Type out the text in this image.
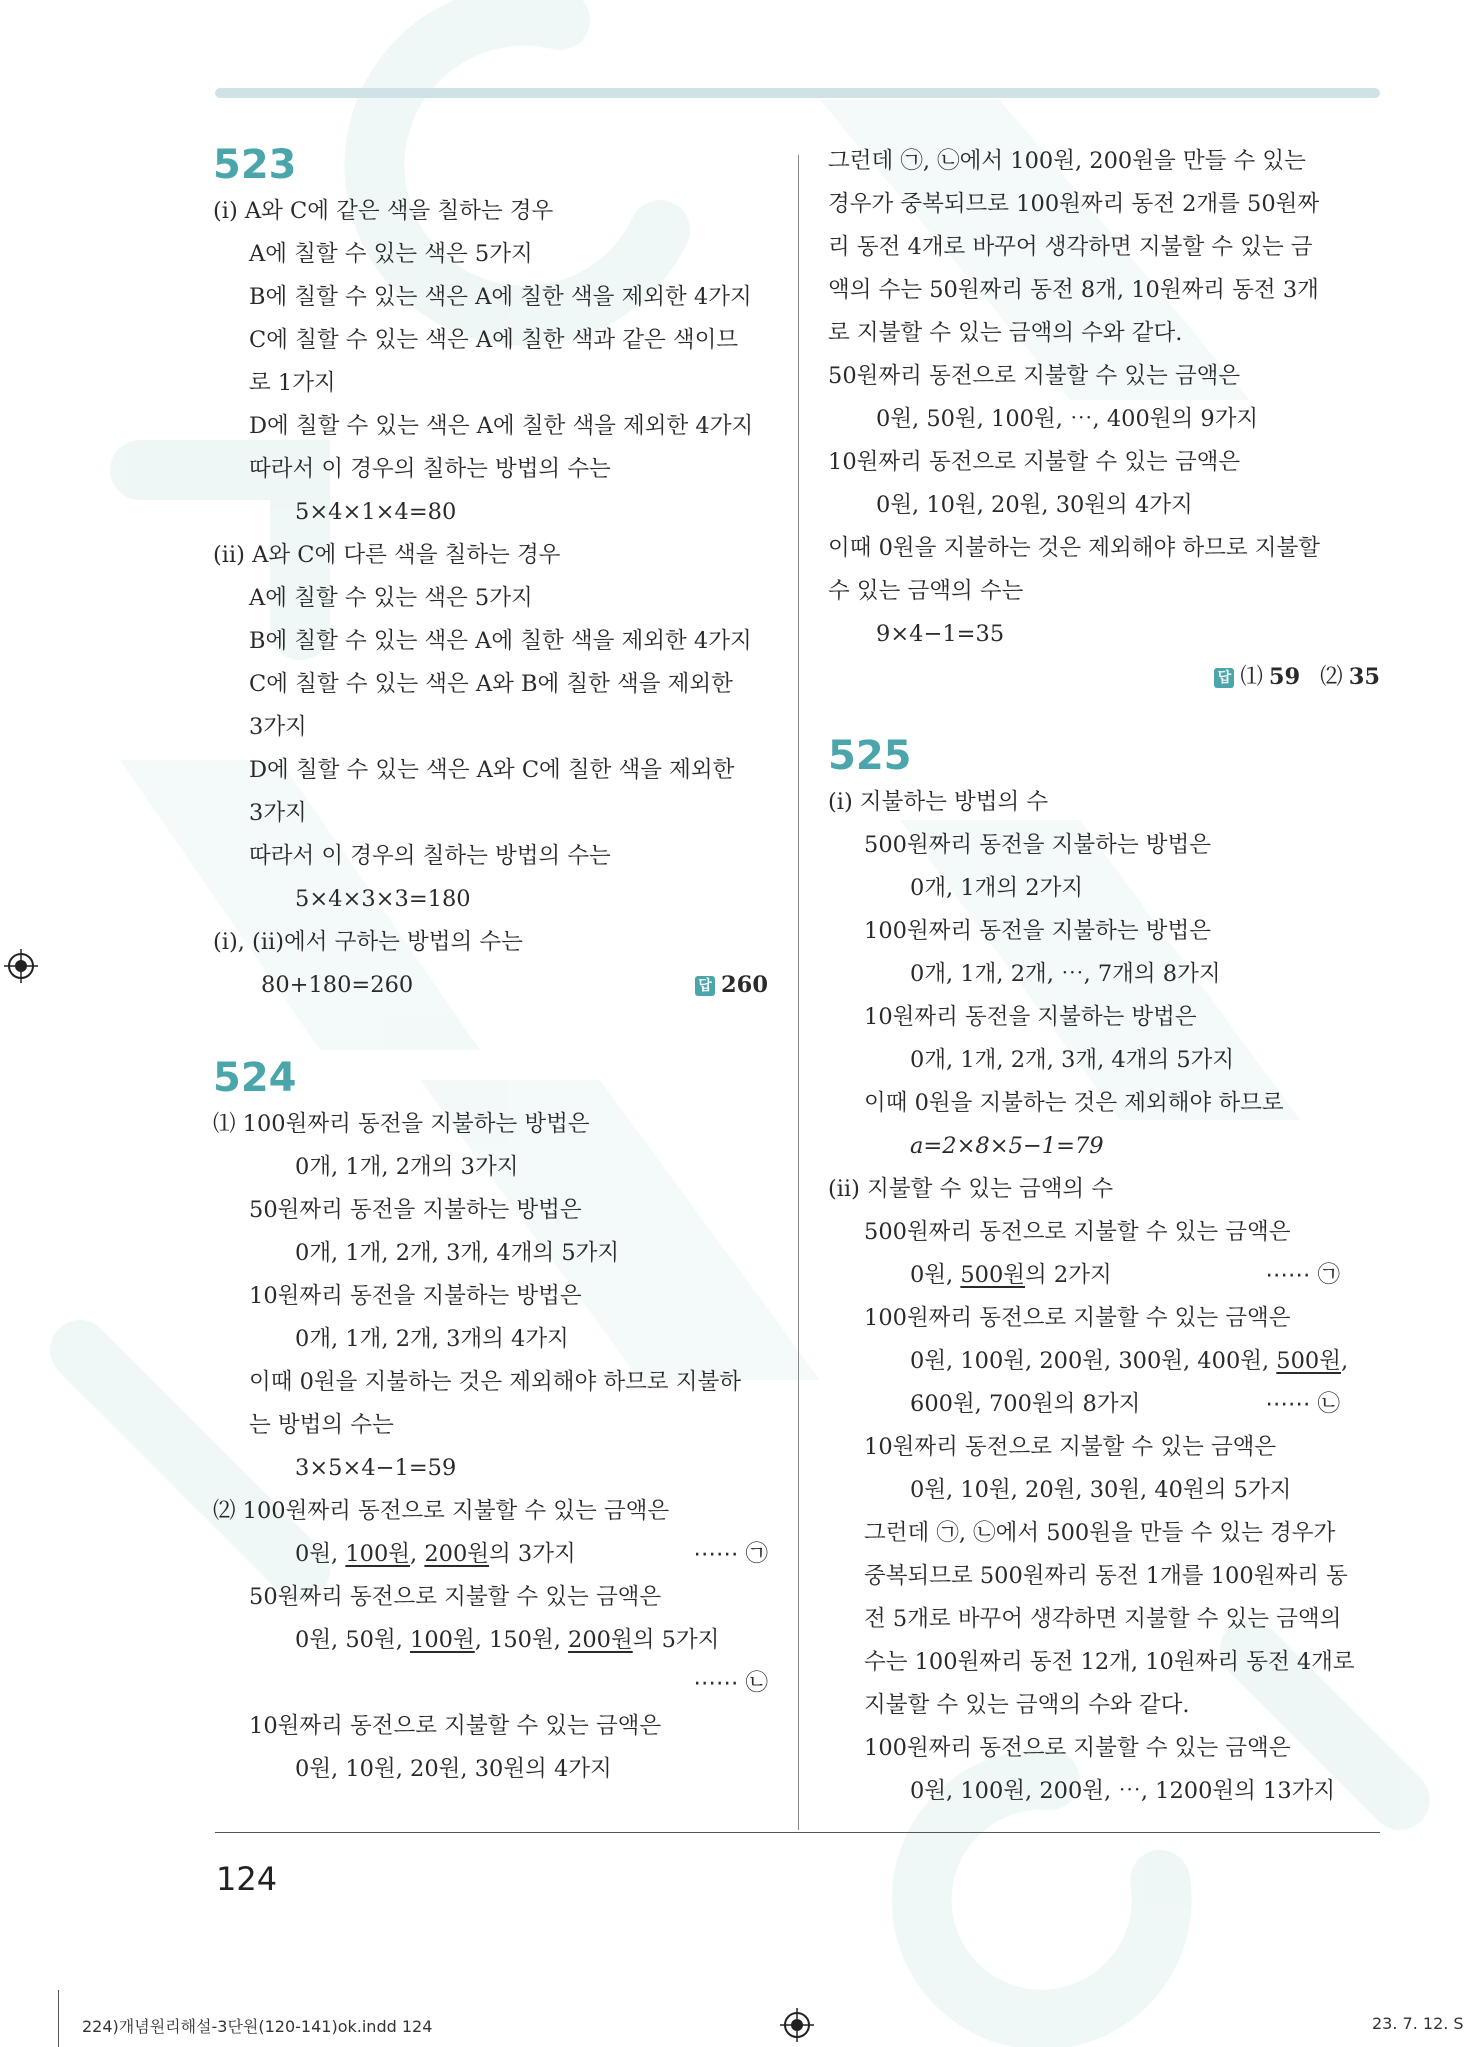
523
(ⅰ) A와 C에 같은 색을 칠하는 경우
A에 칠할 수 있는 색은 5가지
B에 칠할 수 있는 색은 A에 칠한 색을 제외한 4가지
C에 칠할 수 있는 색은 A에 칠한 색과 같은 색이므
로 1가지
D에 칠할 수 있는 색은 A에 칠한 색을 제외한 4가지
따라서 이 경우의 칠하는 방법의 수는
5×4×1×4=80
(ⅱ) A와 C에 다른 색을 칠하는 경우
A에 칠할 수 있는 색은 5가지
B에 칠할 수 있는 색은 A에 칠한 색을 제외한 4가지
C에 칠할 수 있는 색은 A와 B에 칠한 색을 제외한
3가지
D에 칠할 수 있는 색은 A와 C에 칠한 색을 제외한
3가지
따라서 이 경우의 칠하는 방법의 수는
5×4×3×3=180
(ⅰ), (ⅱ)에서 구하는 방법의 수는
80+180=260	답 260
524
⑴ 100원짜리 동전을 지불하는 방법은
0개, 1개, 2개의 3가지
50원짜리 동전을 지불하는 방법은
0개, 1개, 2개, 3개, 4개의 5가지
10원짜리 동전을 지불하는 방법은
0개, 1개, 2개, 3개의 4가지
이때 0원을 지불하는 것은 제외해야 하므로 지불하
는 방법의 수는
3×5×4−1=59
⑵ 100원짜리 동전으로 지불할 수 있는 금액은
0원, 100원, 200원의 3가지	⋯⋯ ㉠
50원짜리 동전으로 지불할 수 있는 금액은
0원, 50원, 100원, 150원, 200원의 5가지
⋯⋯ ㉡
10원짜리 동전으로 지불할 수 있는 금액은
0원, 10원, 20원, 30원의 4가지
그런데 ㉠, ㉡에서 100원, 200원을 만들 수 있는
경우가 중복되므로 100원짜리 동전 2개를 50원짜
리 동전 4개로 바꾸어 생각하면 지불할 수 있는 금
액의 수는 50원짜리 동전 8개, 10원짜리 동전 3개
로 지불할 수 있는 금액의 수와 같다.
50원짜리 동전으로 지불할 수 있는 금액은
0원, 50원, 100원, ⋯, 400원의 9가지
10원짜리 동전으로 지불할 수 있는 금액은
0원, 10원, 20원, 30원의 4가지
이때 0원을 지불하는 것은 제외해야 하므로 지불할
수 있는 금액의 수는
9×4−1=35
답 ⑴ 59 ⑵ 35
525
(ⅰ) 지불하는 방법의 수
500원짜리 동전을 지불하는 방법은
0개, 1개의 2가지
100원짜리 동전을 지불하는 방법은
0개, 1개, 2개, ⋯, 7개의 8가지
10원짜리 동전을 지불하는 방법은
0개, 1개, 2개, 3개, 4개의 5가지
이때 0원을 지불하는 것은 제외해야 하므로
a=2×8×5−1=79
(ⅱ) 지불할 수 있는 금액의 수
500원짜리 동전으로 지불할 수 있는 금액은
0원, 500원의 2가지	⋯⋯ ㉠
100원짜리 동전으로 지불할 수 있는 금액은
0원, 100원, 200원, 300원, 400원, 500원,
600원, 700원의 8가지	⋯⋯ ㉡
10원짜리 동전으로 지불할 수 있는 금액은
0원, 10원, 20원, 30원, 40원의 5가지
그런데 ㉠, ㉡에서 500원을 만들 수 있는 경우가
중복되므로 500원짜리 동전 1개를 100원짜리 동
전 5개로 바꾸어 생각하면 지불할 수 있는 금액의
수는 100원짜리 동전 12개, 10원짜리 동전 4개로
지불할 수 있는 금액의 수와 같다.
100원짜리 동전으로 지불할 수 있는 금액은
0원, 100원, 200원, ⋯, 1200원의 13가지
124
224)개념원리해설-3단원(120-141)ok.indd 124	23. 7. 12. S
